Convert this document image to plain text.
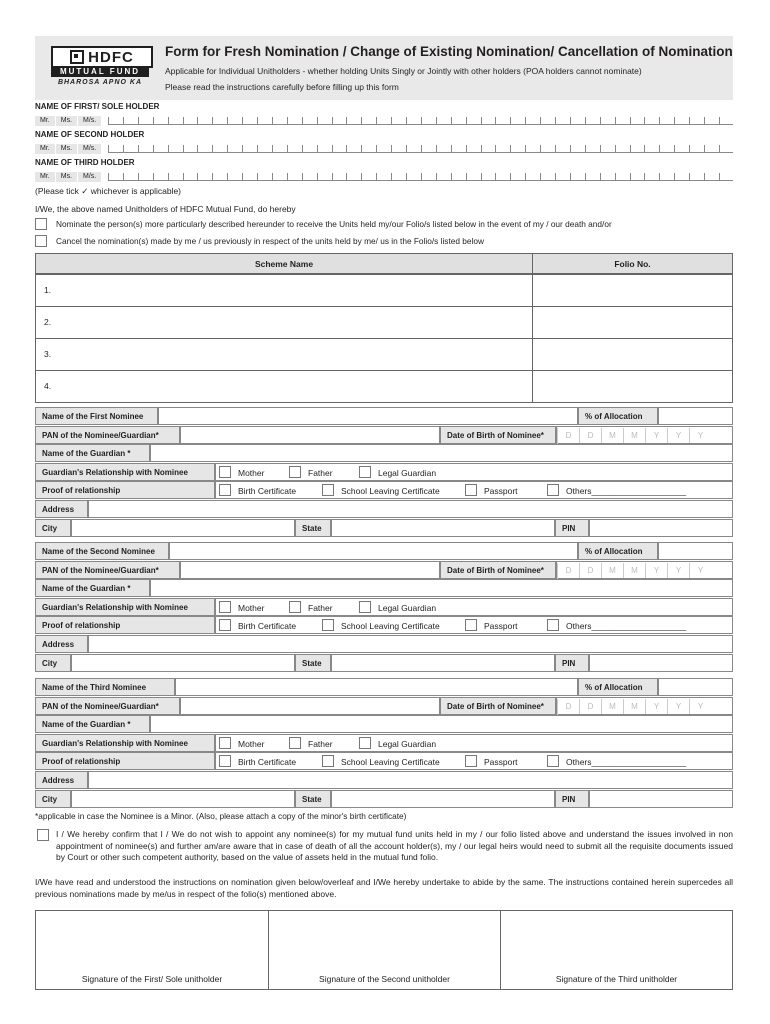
HDFC
MUTUAL FUND
BHAROSA APNO KA
Form for Fresh Nomination / Change of Existing Nomination/ Cancellation of Nomination
Applicable for Individual Unitholders - whether holding Units Singly or Jointly with other holders (POA holders cannot nominate)
Please read the instructions carefully before filling up this form
NAME OF FIRST/ SOLE HOLDER
Mr. Ms. M/s.
NAME OF SECOND HOLDER
Mr. Ms. M/s.
NAME OF THIRD HOLDER
Mr. Ms. M/s.
(Please tick ✓ whichever is applicable)
I/We, the above named Unitholders of HDFC Mutual Fund, do hereby
Nominate the person(s) more particularly described hereunder to receive the Units held my/our Folio/s listed below in the event of my / our death and/or
Cancel the nomination(s) made by me / us previously in respect of the units held by me/ us in the Folio/s listed below
Scheme Name	Folio No.
1.
2.
3.
4.
Name of the First Nominee	% of Allocation
PAN of the Nominee/Guardian*	Date of Birth of Nominee*	D D M M Y Y Y
Name of the Guardian *
Guardian's Relationship with Nominee	Mother	Father	Legal Guardian
Proof of relationship	Birth Certificate	School Leaving Certificate	Passport	Others____________________
Address
City	State	PIN
Name of the Second Nominee	% of Allocation
PAN of the Nominee/Guardian*	Date of Birth of Nominee*	D D M M Y Y Y
Name of the Guardian *
Guardian's Relationship with Nominee	Mother	Father	Legal Guardian
Proof of relationship	Birth Certificate	School Leaving Certificate	Passport	Others____________________
Address
City	State	PIN
Name of the Third Nominee	% of Allocation
PAN of the Nominee/Guardian*	Date of Birth of Nominee*	D D M M Y Y Y
Name of the Guardian *
Guardian's Relationship with Nominee	Mother	Father	Legal Guardian
Proof of relationship	Birth Certificate	School Leaving Certificate	Passport	Others____________________
Address
City	State	PIN
*applicable in case the Nominee is a Minor. (Also, please attach a copy of the minor's birth certificate)
I / We hereby confirm that I / We do not wish to appoint any nominee(s) for my mutual fund units held in my / our folio listed above and understand the issues involved in non appointment of nominee(s) and further am/are aware that in case of death of all the account holder(s), my / our legal heirs would need to submit all the requisite documents issued by Court or other such competent authority, based on the value of assets held in the mutual fund folio.
I/We have read and understood the instructions on nomination given below/overleaf and I/We hereby undertake to abide by the same. The instructions contained herein supercedes all previous nominations made by me/us in respect of the folio(s) mentioned above.
Signature of the First/ Sole unitholder	Signature of the Second unitholder	Signature of the Third unitholder
